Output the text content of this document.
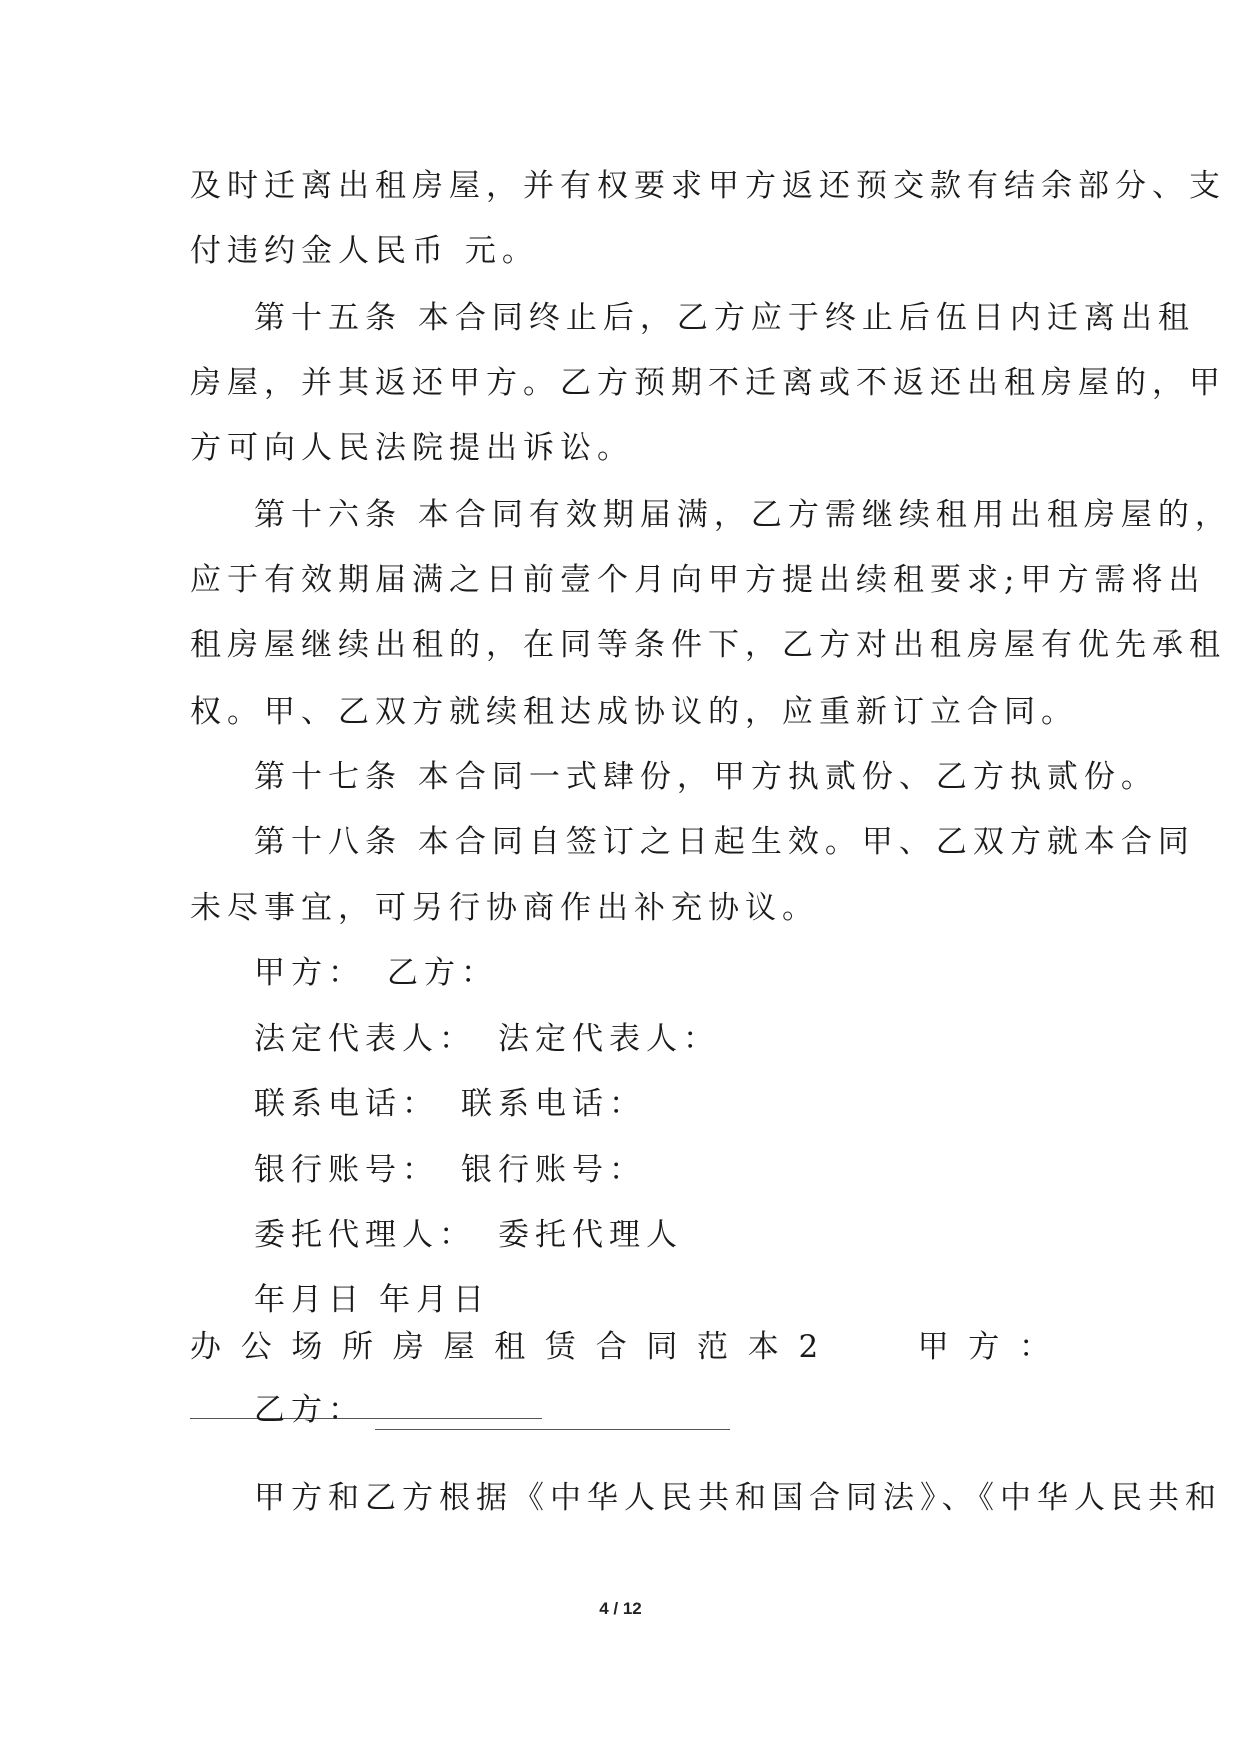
及时迁离出租房屋，并有权要求甲方返还预交款有结余部分、支
付违约金人民币 元。
第十五条 本合同终止后，乙方应于终止后伍日内迁离出租
房屋，并其返还甲方。乙方预期不迁离或不返还出租房屋的，甲
方可向人民法院提出诉讼。
第十六条 本合同有效期届满，乙方需继续租用出租房屋的，
应于有效期届满之日前壹个月向甲方提出续租要求;甲方需将出
租房屋继续出租的，在同等条件下，乙方对出租房屋有优先承租
权。甲、乙双方就续租达成协议的，应重新订立合同。
第十七条 本合同一式肆份，甲方执贰份、乙方执贰份。
第十八条 本合同自签订之日起生效。甲、乙双方就本合同
未尽事宜，可另行协商作出补充协议。
甲方： 乙方：
法定代表人： 法定代表人：
联系电话： 联系电话：
银行账号： 银行账号：
委托代理人： 委托代理人
年月日 年月日
办 公 场 所 房 屋 租 赁 合 同 范 本 2	甲 方 ：
乙方：
甲方和乙方根据《中华人民共和国合同法》、《中华人民共和
4 / 12
